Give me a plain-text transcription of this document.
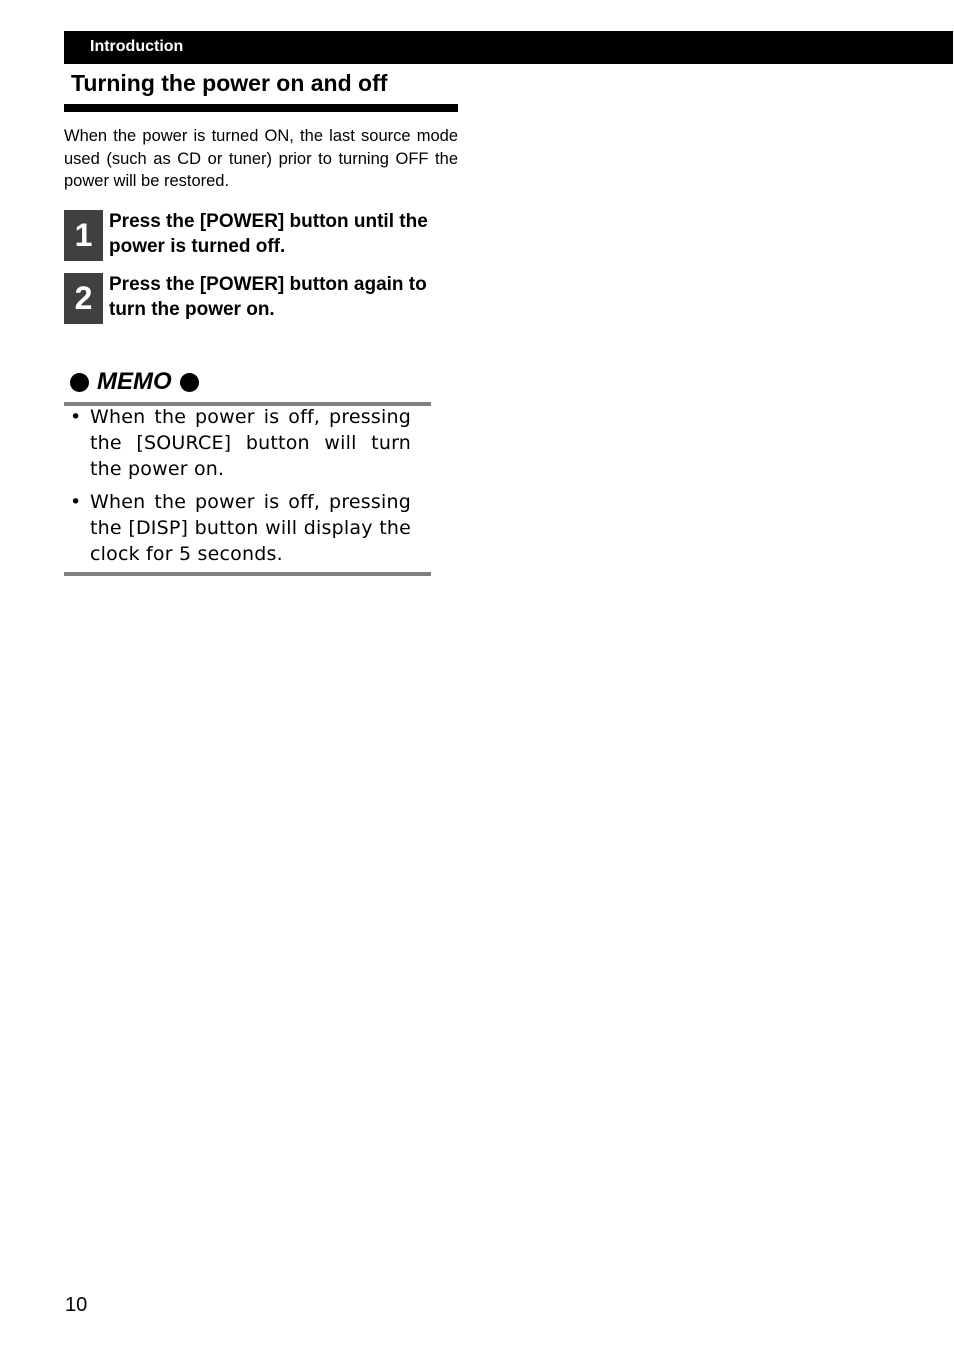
Introduction
Turning the power on and off

When the power is turned ON, the last source mode used (such as CD or tuner) prior to turning OFF the power will be restored.

1 Press the [POWER] button until the power is turned off.

2 Press the [POWER] button again to turn the power on.

MEMO
• When the power is off, pressing the [SOURCE] button will turn the power on.
• When the power is off, pressing the [DISP] button will display the clock for 5 seconds.
10
